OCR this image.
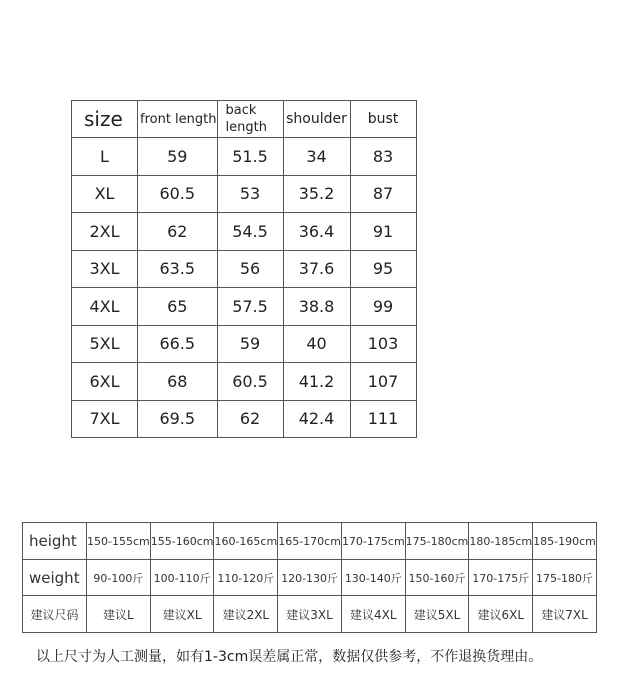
size	front length	back length	shoulder	bust
L	59	51.5	34	83
XL	60.5	53	35.2	87
2XL	62	54.5	36.4	91
3XL	63.5	56	37.6	95
4XL	65	57.5	38.8	99
5XL	66.5	59	40	103
6XL	68	60.5	41.2	107
7XL	69.5	62	42.4	111
height	150-155cm	155-160cm	160-165cm	165-170cm	170-175cm	175-180cm	180-185cm	185-190cm
weight	90-100斤	100-110斤	110-120斤	120-130斤	130-140斤	150-160斤	170-175斤	175-180斤
建议尺码	建议L	建议XL	建议2XL	建议3XL	建议4XL	建议5XL	建议6XL	建议7XL
以上尺寸为人工测量，如有1-3cm误差属正常，数据仅供参考，不作退换货理由。
